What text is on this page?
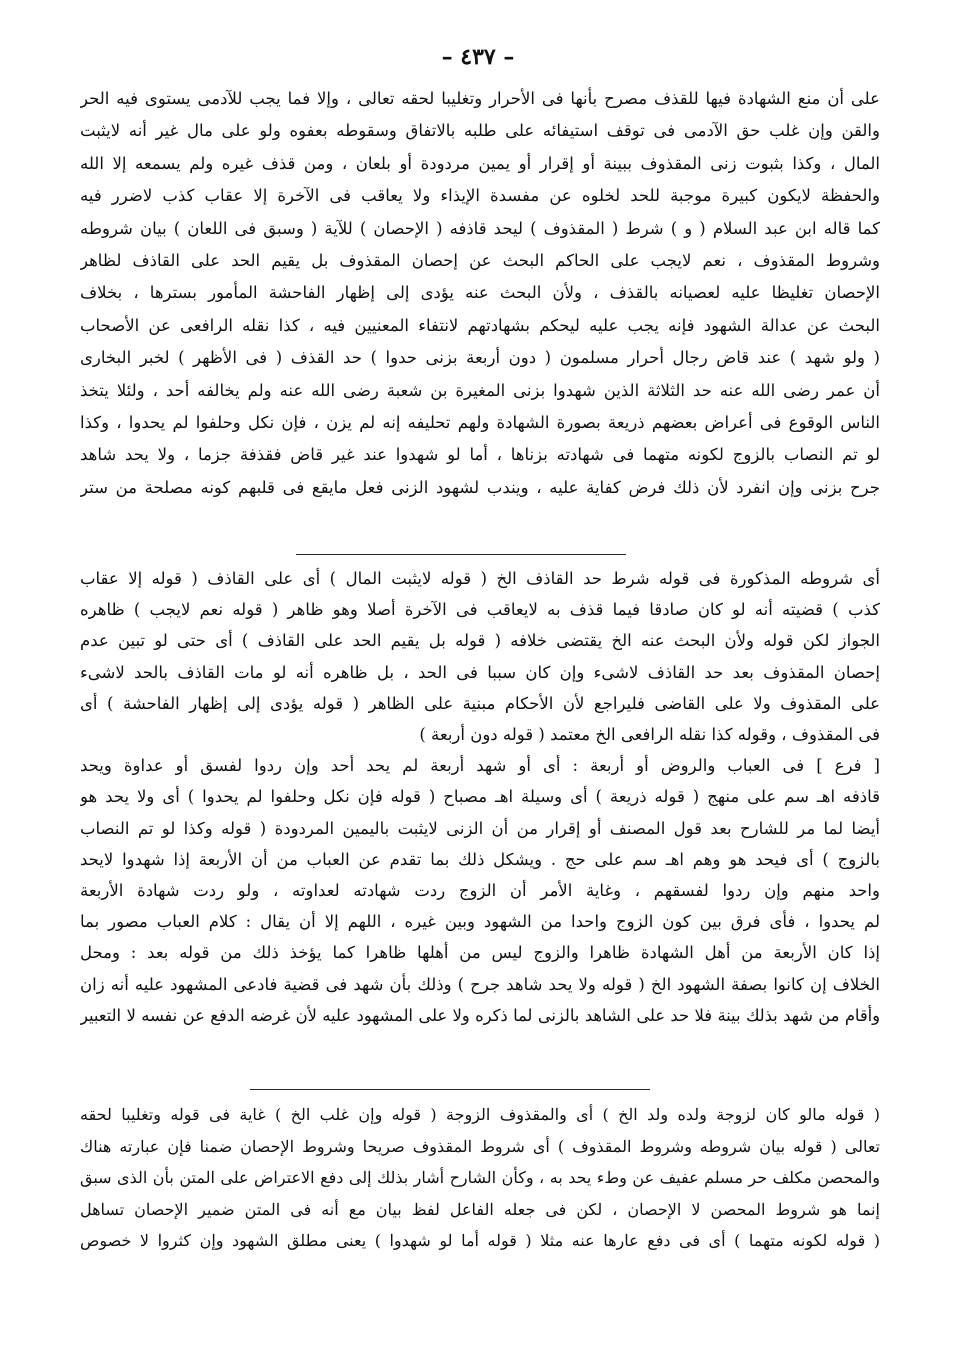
– ٤٣٧ –
على أن منع الشهادة فيها للقذف مصرح بأنها فى الأحرار وتغليبا لحقه تعالى ، وإلا فما يجب للآدمى يستوى فيه الحر
والقن وإن غلب حق الآدمى فى توقف استيفائه على طلبه بالاتفاق وسقوطه بعفوه ولو على مال غير أنه لايثبت
المال ، وكذا بثبوت زنى المقذوف ببينة أو إقرار أو يمين مردودة أو بلعان ، ومن قذف غيره ولم يسمعه إلا الله
والحفظة لايكون كبيرة موجبة للحد لخلوه عن مفسدة الإيذاء ولا يعاقب فى الآخرة إلا عقاب كذب لاضرر فيه
كما قاله ابن عبد السلام ( و ) شرط ( المقذوف ) ليحد قاذفه ( الإحصان ) للآية ( وسبق فى اللعان ) بيان شروطه
وشروط المقذوف ، نعم لايجب على الحاكم البحث عن إحصان المقذوف بل يقيم الحد على القاذف لظاهر
الإحصان تغليظا عليه لعصيانه بالقذف ، ولأن البحث عنه يؤدى إلى إظهار الفاحشة المأمور بسترها ، بخلاف
البحث عن عدالة الشهود فإنه يجب عليه ليحكم بشهادتهم لانتفاء المعنيين فيه ، كذا نقله الرافعى عن الأصحاب
( ولو شهد ) عند قاض رجال أحرار مسلمون ( دون أربعة بزنى حدوا ) حد القذف ( فى الأظهر ) لخبر البخارى
أن عمر رضى الله عنه حد الثلاثة الذين شهدوا بزنى المغيرة بن شعبة رضى الله عنه ولم يخالفه أحد ، ولئلا يتخذ
الناس الوقوع فى أعراض بعضهم ذريعة بصورة الشهادة ولهم تحليفه إنه لم يزن ، فإن نكل وحلفوا لم يحدوا ، وكذا
لو تم النصاب بالزوج لكونه متهما فى شهادته بزناها ، أما لو شهدوا عند غير قاض فقذفة جزما ، ولا يحد شاهد
جرح بزنى وإن انفرد لأن ذلك فرض كفاية عليه ، ويندب لشهود الزنى فعل مايقع فى قلبهم كونه مصلحة من ستر
أى شروطه المذكورة فى قوله شرط حد القاذف الخ ( قوله لايثبت المال ) أى على القاذف ( قوله إلا عقاب
كذب ) قضيته أنه لو كان صادقا فيما قذف به لايعاقب فى الآخرة أصلا وهو ظاهر ( قوله نعم لايجب ) ظاهره
الجواز لكن قوله ولأن البحث عنه الخ يقتضى خلافه ( قوله بل يقيم الحد على القاذف ) أى حتى لو تبين عدم
إحصان المقذوف بعد حد القاذف لاشىء وإن كان سببا فى الحد ، بل ظاهره أنه لو مات القاذف بالحد لاشىء
على المقذوف ولا على القاضى فليراجع لأن الأحكام مبنية على الظاهر ( قوله يؤدى إلى إظهار الفاحشة ) أى
فى المقذوف ، وقوله كذا نقله الرافعى الخ معتمد ( قوله دون أربعة )
[ فرع ] فى العباب والروض أو أربعة : أى أو شهد أربعة لم يحد أحد وإن ردوا لفسق أو عداوة ويحد
قاذفه اهـ سم على منهج ( قوله ذريعة ) أى وسيلة اهـ مصباح ( قوله فإن نكل وحلفوا لم يحدوا ) أى ولا يحد هو
أيضا لما مر للشارح بعد قول المصنف أو إقرار من أن الزنى لايثبت باليمين المردودة ( قوله وكذا لو تم النصاب
بالزوج ) أى فيحد هو وهم اهـ سم على حج . ويشكل ذلك بما تقدم عن العباب من أن الأربعة إذا شهدوا لايحد
واحد منهم وإن ردوا لفسقهم ، وغاية الأمر أن الزوج ردت شهادته لعداوته ، ولو ردت شهادة الأربعة
لم يحدوا ، فأى فرق بين كون الزوج واحدا من الشهود وبين غيره ، اللهم إلا أن يقال : كلام العباب مصور بما
إذا كان الأربعة من أهل الشهادة ظاهرا والزوج ليس من أهلها ظاهرا كما يؤخذ ذلك من قوله بعد : ومحل
الخلاف إن كانوا بصفة الشهود الخ ( قوله ولا يحد شاهد جرح ) وذلك بأن شهد فى قضية فادعى المشهود عليه أنه زان
وأقام من شهد بذلك بينة فلا حد على الشاهد بالزنى لما ذكره ولا على المشهود عليه لأن غرضه الدفع عن نفسه لا التعبير
( قوله مالو كان لزوجة ولده ولد الخ ) أى والمقذوف الزوجة ( قوله وإن غلب الخ ) غاية فى قوله وتغليبا لحقه
تعالى ( قوله بيان شروطه وشروط المقذوف ) أى شروط المقذوف صريحا وشروط الإحصان ضمنا فإن عبارته هناك
والمحصن مكلف حر مسلم عفيف عن وطء يحد به ، وكأن الشارح أشار بذلك إلى دفع الاعتراض على المتن بأن الذى سبق
إنما هو شروط المحصن لا الإحصان ، لكن فى جعله الفاعل لفظ بيان مع أنه فى المتن ضمير الإحصان تساهل
( قوله لكونه متهما ) أى فى دفع عارها عنه مثلا ( قوله أما لو شهدوا ) يعنى مطلق الشهود وإن كثروا لا خصوص
